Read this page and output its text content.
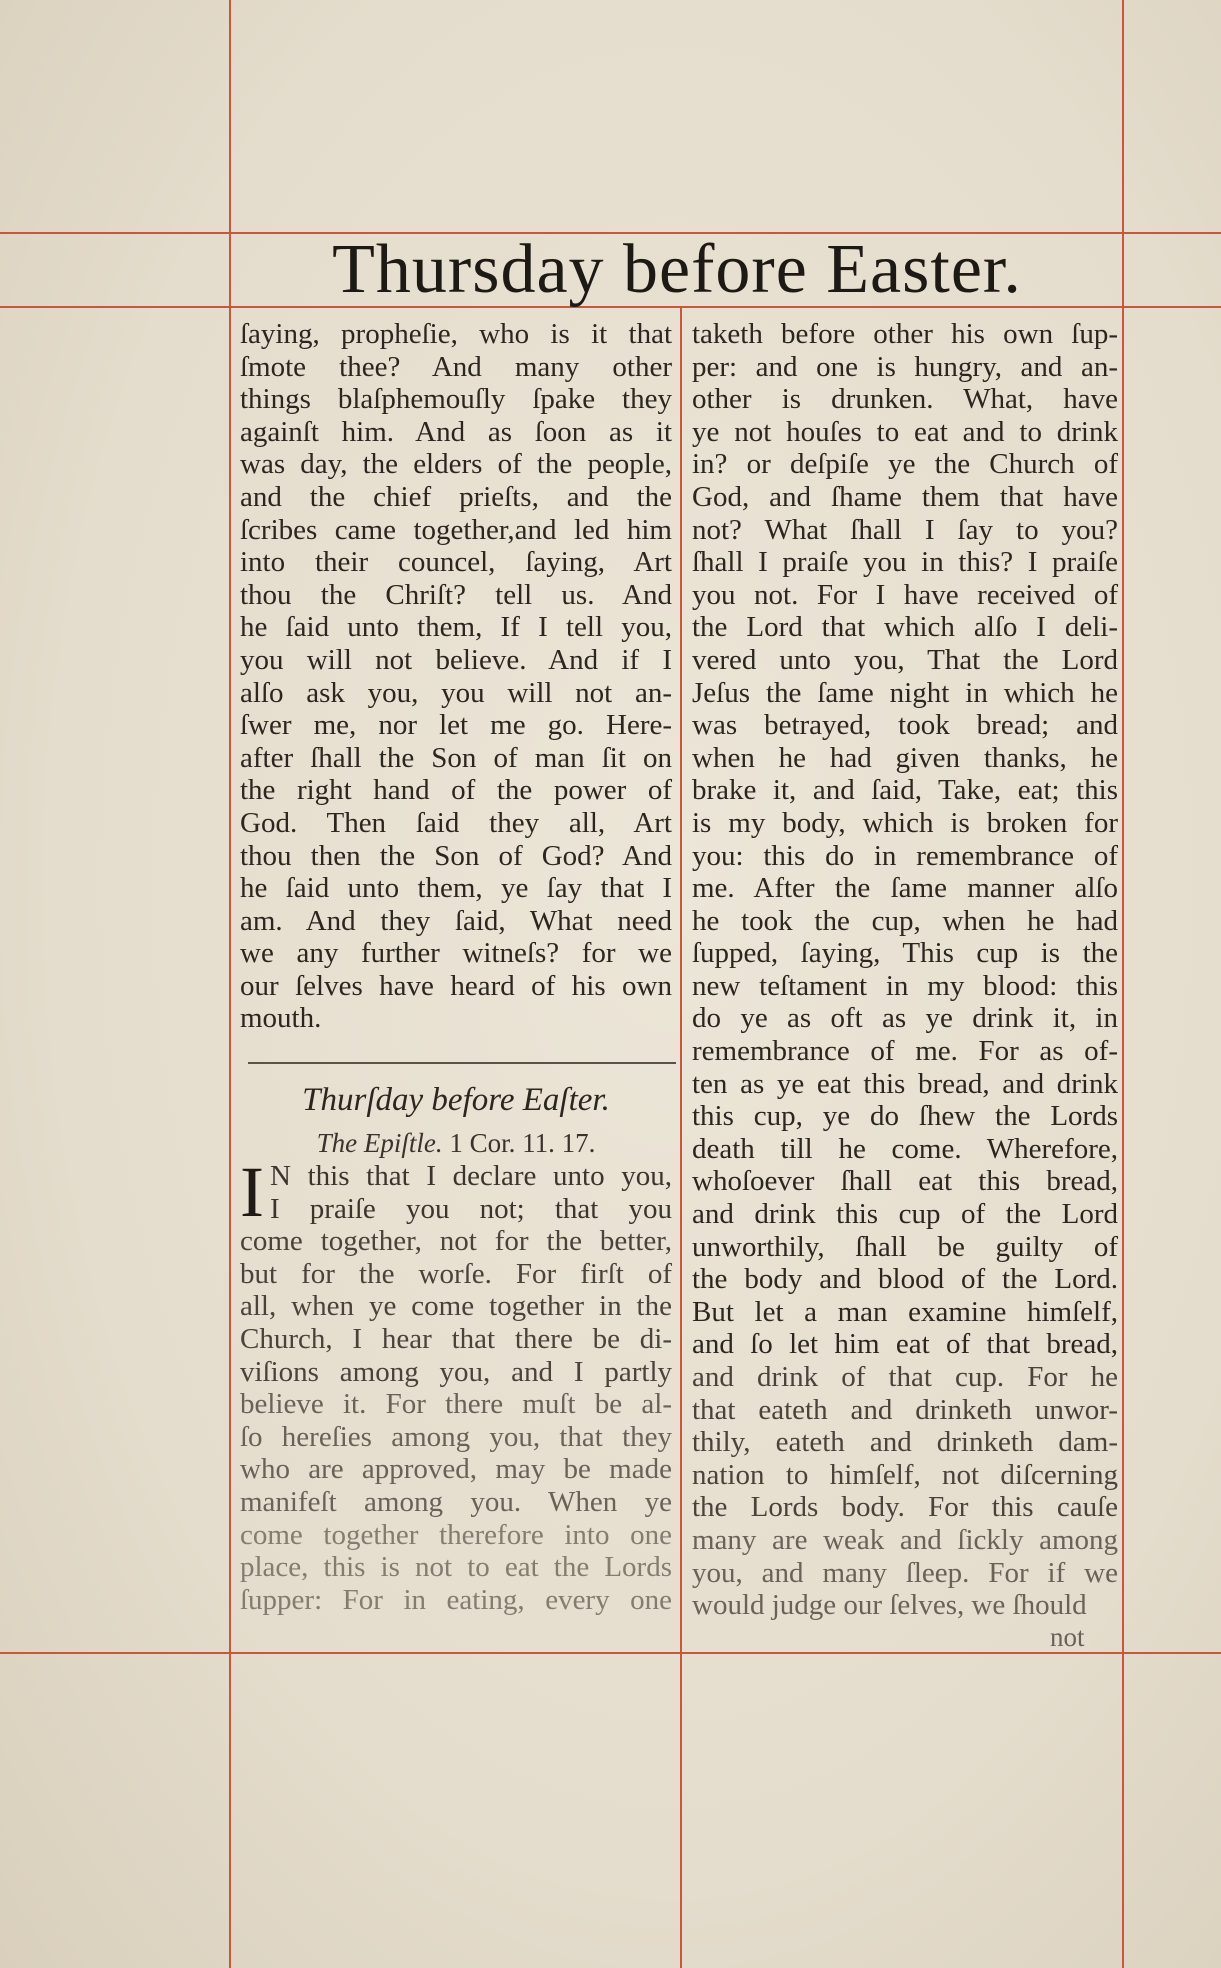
Thursday before Easter.
ſaying, propheſie, who is it that
ſmote thee? And many other
things blaſphemouſly ſpake they
againſt him. And as ſoon as it
was day, the elders of the people,
and the chief prieſts, and the
ſcribes came together,and led him
into their councel, ſaying, Art
thou the Chriſt? tell us. And
he ſaid unto them, If I tell you,
you will not believe. And if I
alſo ask you, you will not an-
ſwer me, nor let me go. Here-
after ſhall the Son of man ſit on
the right hand of the power of
God. Then ſaid they all, Art
thou then the Son of God? And
he ſaid unto them, ye ſay that I
am. And they ſaid, What need
we any further witneſs? for we
our ſelves have heard of his own
mouth.
Thurſday before Eaſter.
The Epiſtle. 1 Cor. 11. 17.
I N this that I declare unto you,
I praiſe you not; that you
come together, not for the better,
but for the worſe. For firſt of
all, when ye come together in the
Church, I hear that there be di-
viſions among you, and I partly
believe it. For there muſt be al-
ſo hereſies among you, that they
who are approved, may be made
manifeſt among you. When ye
come together therefore into one
place, this is not to eat the Lords
ſupper: For in eating, every one
taketh before other his own ſup-
per: and one is hungry, and an-
other is drunken. What, have
ye not houſes to eat and to drink
in? or deſpiſe ye the Church of
God, and ſhame them that have
not? What ſhall I ſay to you?
ſhall I praiſe you in this? I praiſe
you not. For I have received of
the Lord that which alſo I deli-
vered unto you, That the Lord
Jeſus the ſame night in which he
was betrayed, took bread; and
when he had given thanks, he
brake it, and ſaid, Take, eat; this
is my body, which is broken for
you: this do in remembrance of
me. After the ſame manner alſo
he took the cup, when he had
ſupped, ſaying, This cup is the
new teſtament in my blood: this
do ye as oft as ye drink it, in
remembrance of me. For as of-
ten as ye eat this bread, and drink
this cup, ye do ſhew the Lords
death till he come. Wherefore,
whoſoever ſhall eat this bread,
and drink this cup of the Lord
unworthily, ſhall be guilty of
the body and blood of the Lord.
But let a man examine himſelf,
and ſo let him eat of that bread,
and drink of that cup. For he
that eateth and drinketh unwor-
thily, eateth and drinketh dam-
nation to himſelf, not diſcerning
the Lords body. For this cauſe
many are weak and ſickly among
you, and many ſleep. For if we
would judge our ſelves, we ſhould
not
